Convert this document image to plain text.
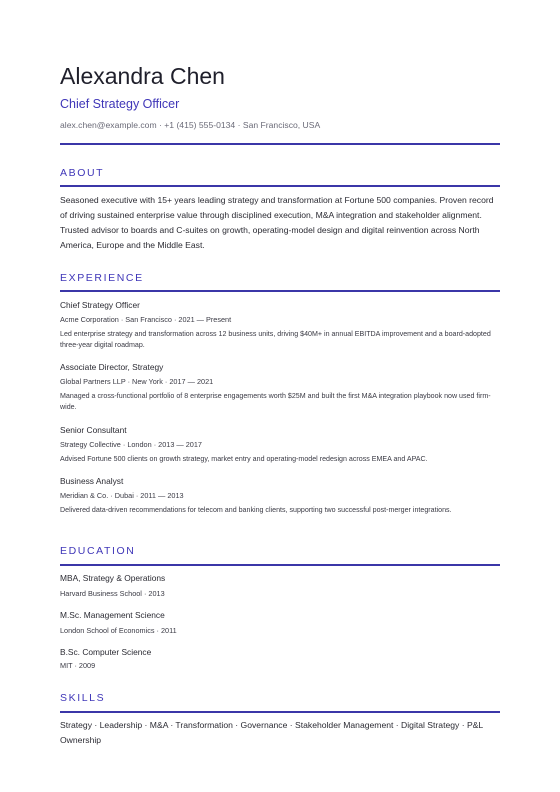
Alexandra Chen
Chief Strategy Officer
alex.chen@example.com · +1 (415) 555-0134 · San Francisco, USA
ABOUT
Seasoned executive with 15+ years leading strategy and transformation at Fortune 500 companies. Proven record of driving sustained enterprise value through disciplined execution, M&A integration and stakeholder alignment. Trusted advisor to boards and C-suites on growth, operating-model design and digital reinvention across North America, Europe and the Middle East.
EXPERIENCE
Chief Strategy Officer
Acme Corporation · San Francisco · 2021 — Present
Led enterprise strategy and transformation across 12 business units, driving $40M+ in annual EBITDA improvement and a board-adopted three-year digital roadmap.
Associate Director, Strategy
Global Partners LLP · New York · 2017 — 2021
Managed a cross-functional portfolio of 8 enterprise engagements worth $25M and built the first M&A integration playbook now used firm-wide.
Senior Consultant
Strategy Collective · London · 2013 — 2017
Advised Fortune 500 clients on growth strategy, market entry and operating-model redesign across EMEA and APAC.
Business Analyst
Meridian & Co. · Dubai · 2011 — 2013
Delivered data-driven recommendations for telecom and banking clients, supporting two successful post-merger integrations.
EDUCATION
MBA, Strategy & Operations
Harvard Business School · 2013
M.Sc. Management Science
London School of Economics · 2011
B.Sc. Computer Science
MIT · 2009
SKILLS
Strategy · Leadership · M&A · Transformation · Governance · Stakeholder Management · Digital Strategy · P&L Ownership
